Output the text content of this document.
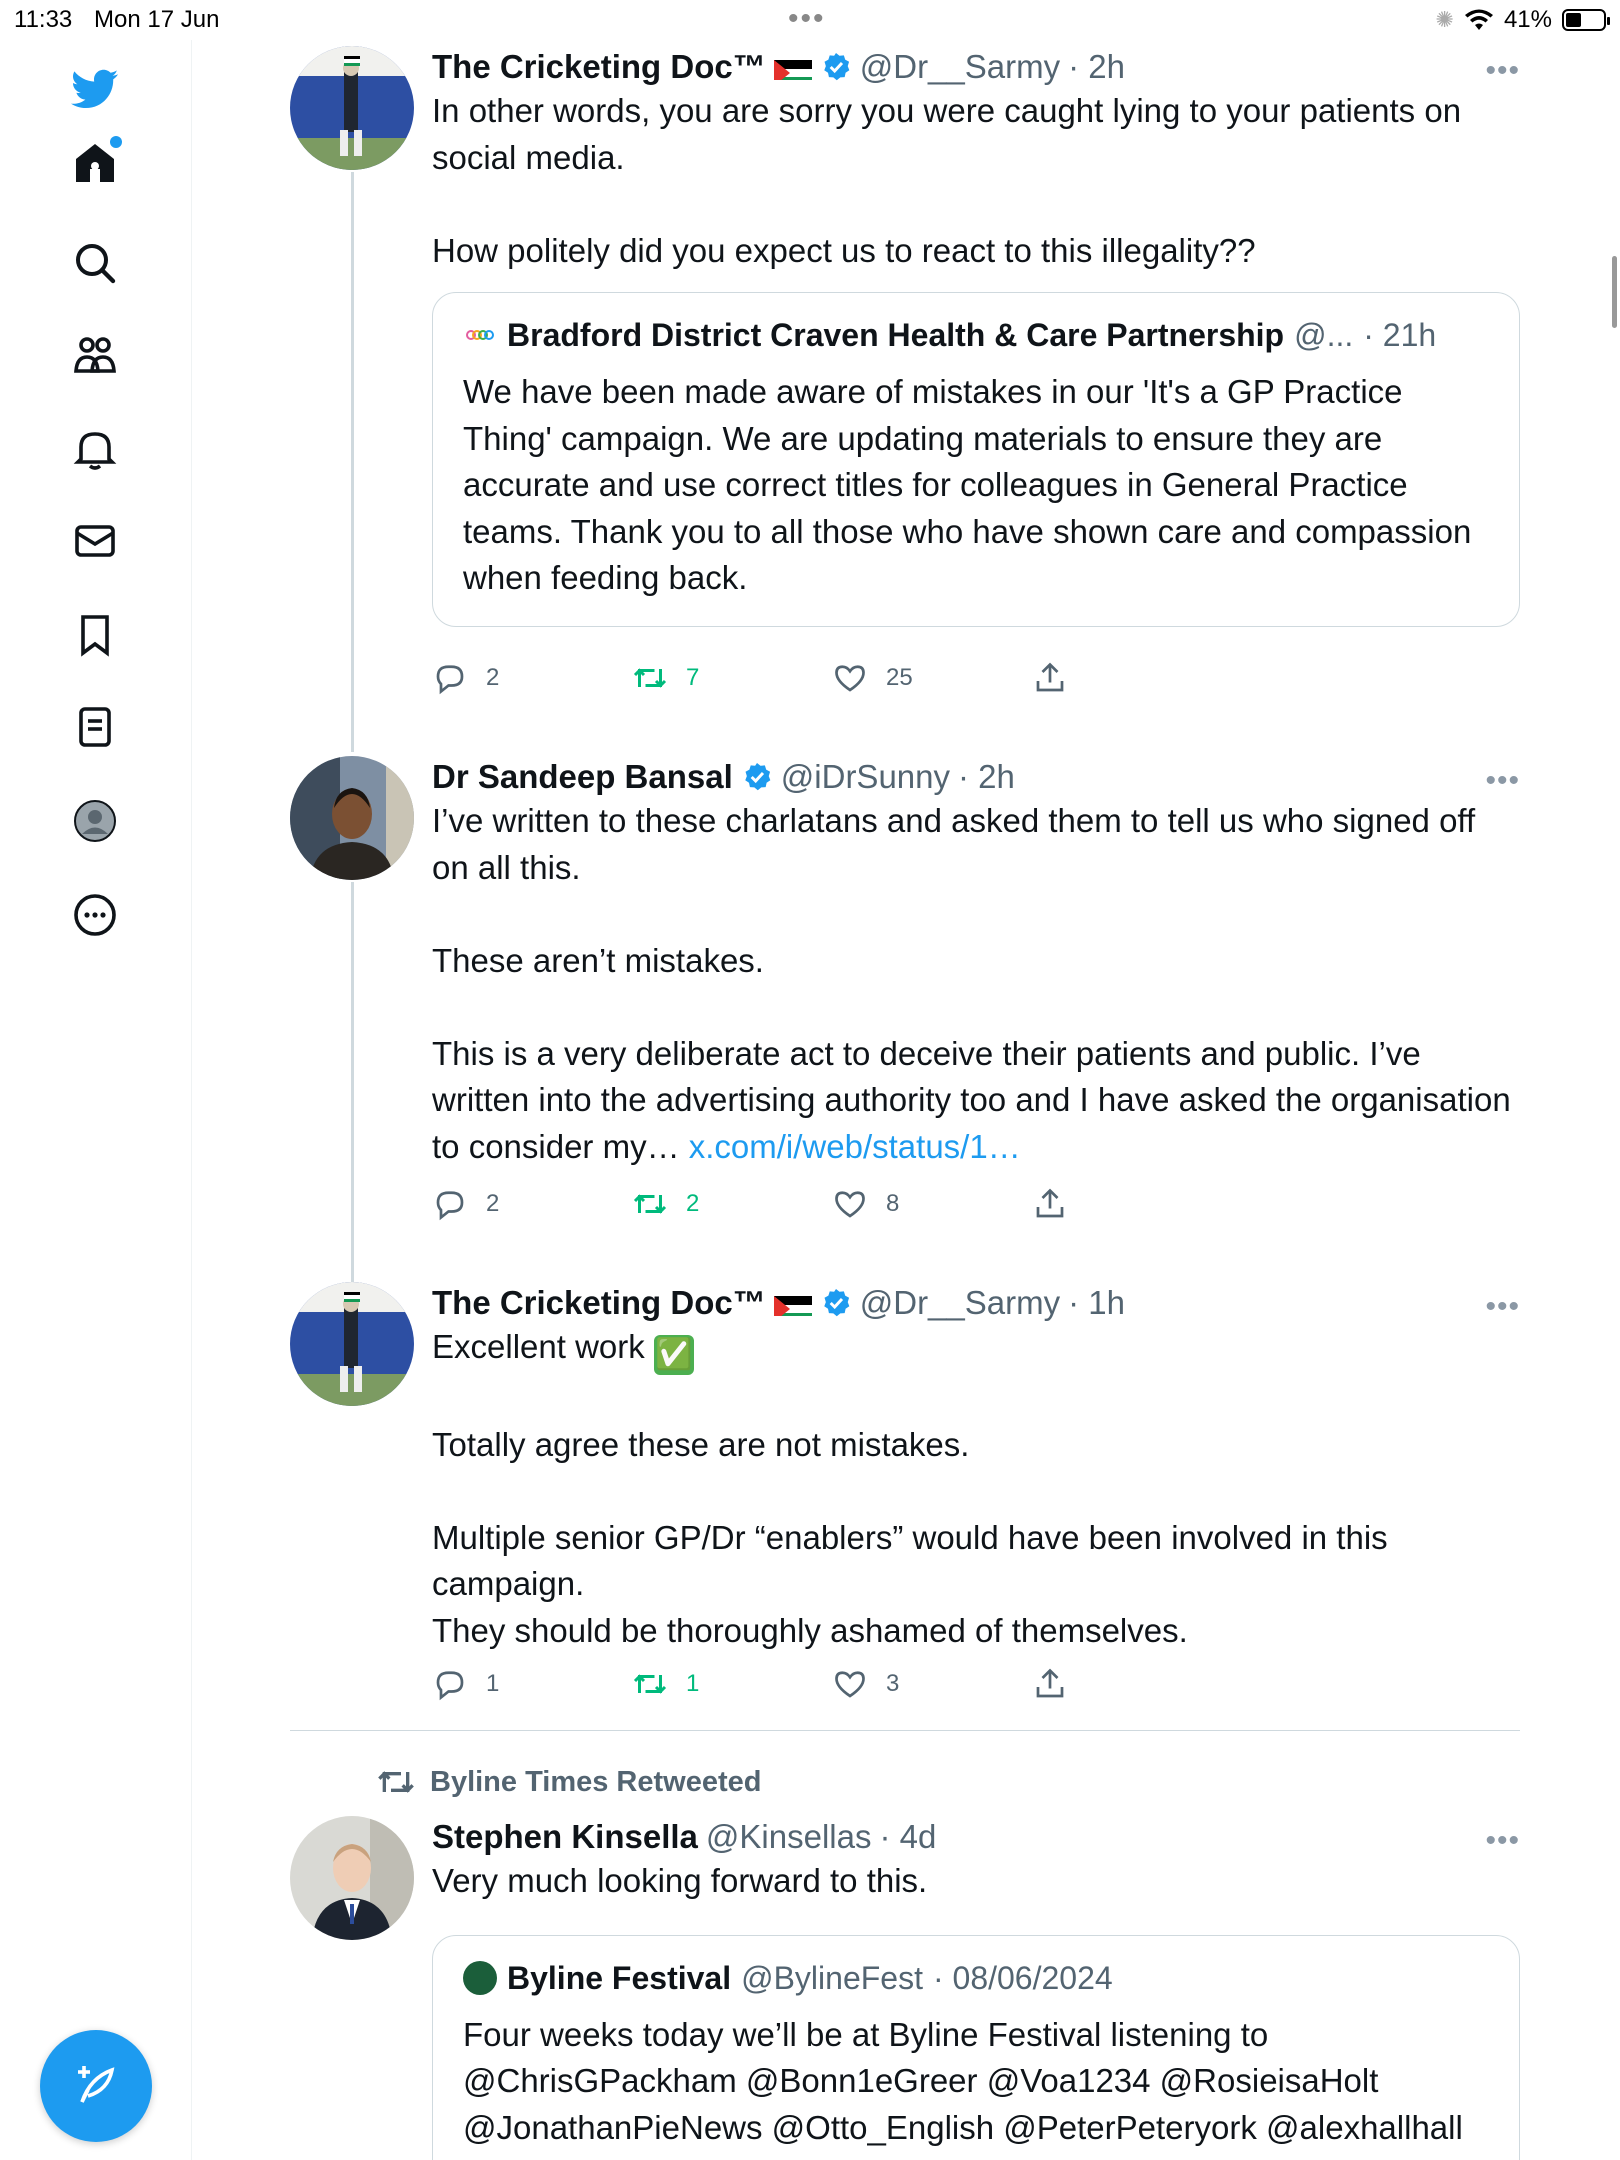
11:33 Mon 17 Jun	•••	✺ 41%
The Cricketing Doc™	@Dr__Sarmy · 2h	•••
In other words, you are sorry you were caught lying to your patients on social media.

How politely did you expect us to react to this illegality??
Bradford District Craven Health & Care Partnership @... · 21h
We have been made aware of mistakes in our 'It's a GP Practice Thing' campaign. We are updating materials to ensure they are accurate and use correct titles for colleagues in General Practice teams. Thank you to all those who have shown care and compassion when feeding back.
2	7	25
Dr Sandeep Bansal @iDrSunny · 2h	•••
I’ve written to these charlatans and asked them to tell us who signed off on all this.

These aren’t mistakes.

This is a very deliberate act to deceive their patients and public. I’ve written into the advertising authority too and I have asked the organisation to consider my… x.com/i/web/status/1…
2	2	8
The Cricketing Doc™	@Dr__Sarmy · 1h	•••
Excellent work ✅

Totally agree these are not mistakes.

Multiple senior GP/Dr “enablers” would have been involved in this campaign.
They should be thoroughly ashamed of themselves.
1	1	3
Byline Times Retweeted
Stephen Kinsella @Kinsellas · 4d	•••
Very much looking forward to this.
Byline Festival @BylineFest · 08/06/2024
Four weeks today we’ll be at Byline Festival listening to @ChrisGPackham @Bonn1eGreer @Voa1234 @RosieisaHolt @JonathanPieNews @Otto_English @PeterPeteryork @alexhallhall
